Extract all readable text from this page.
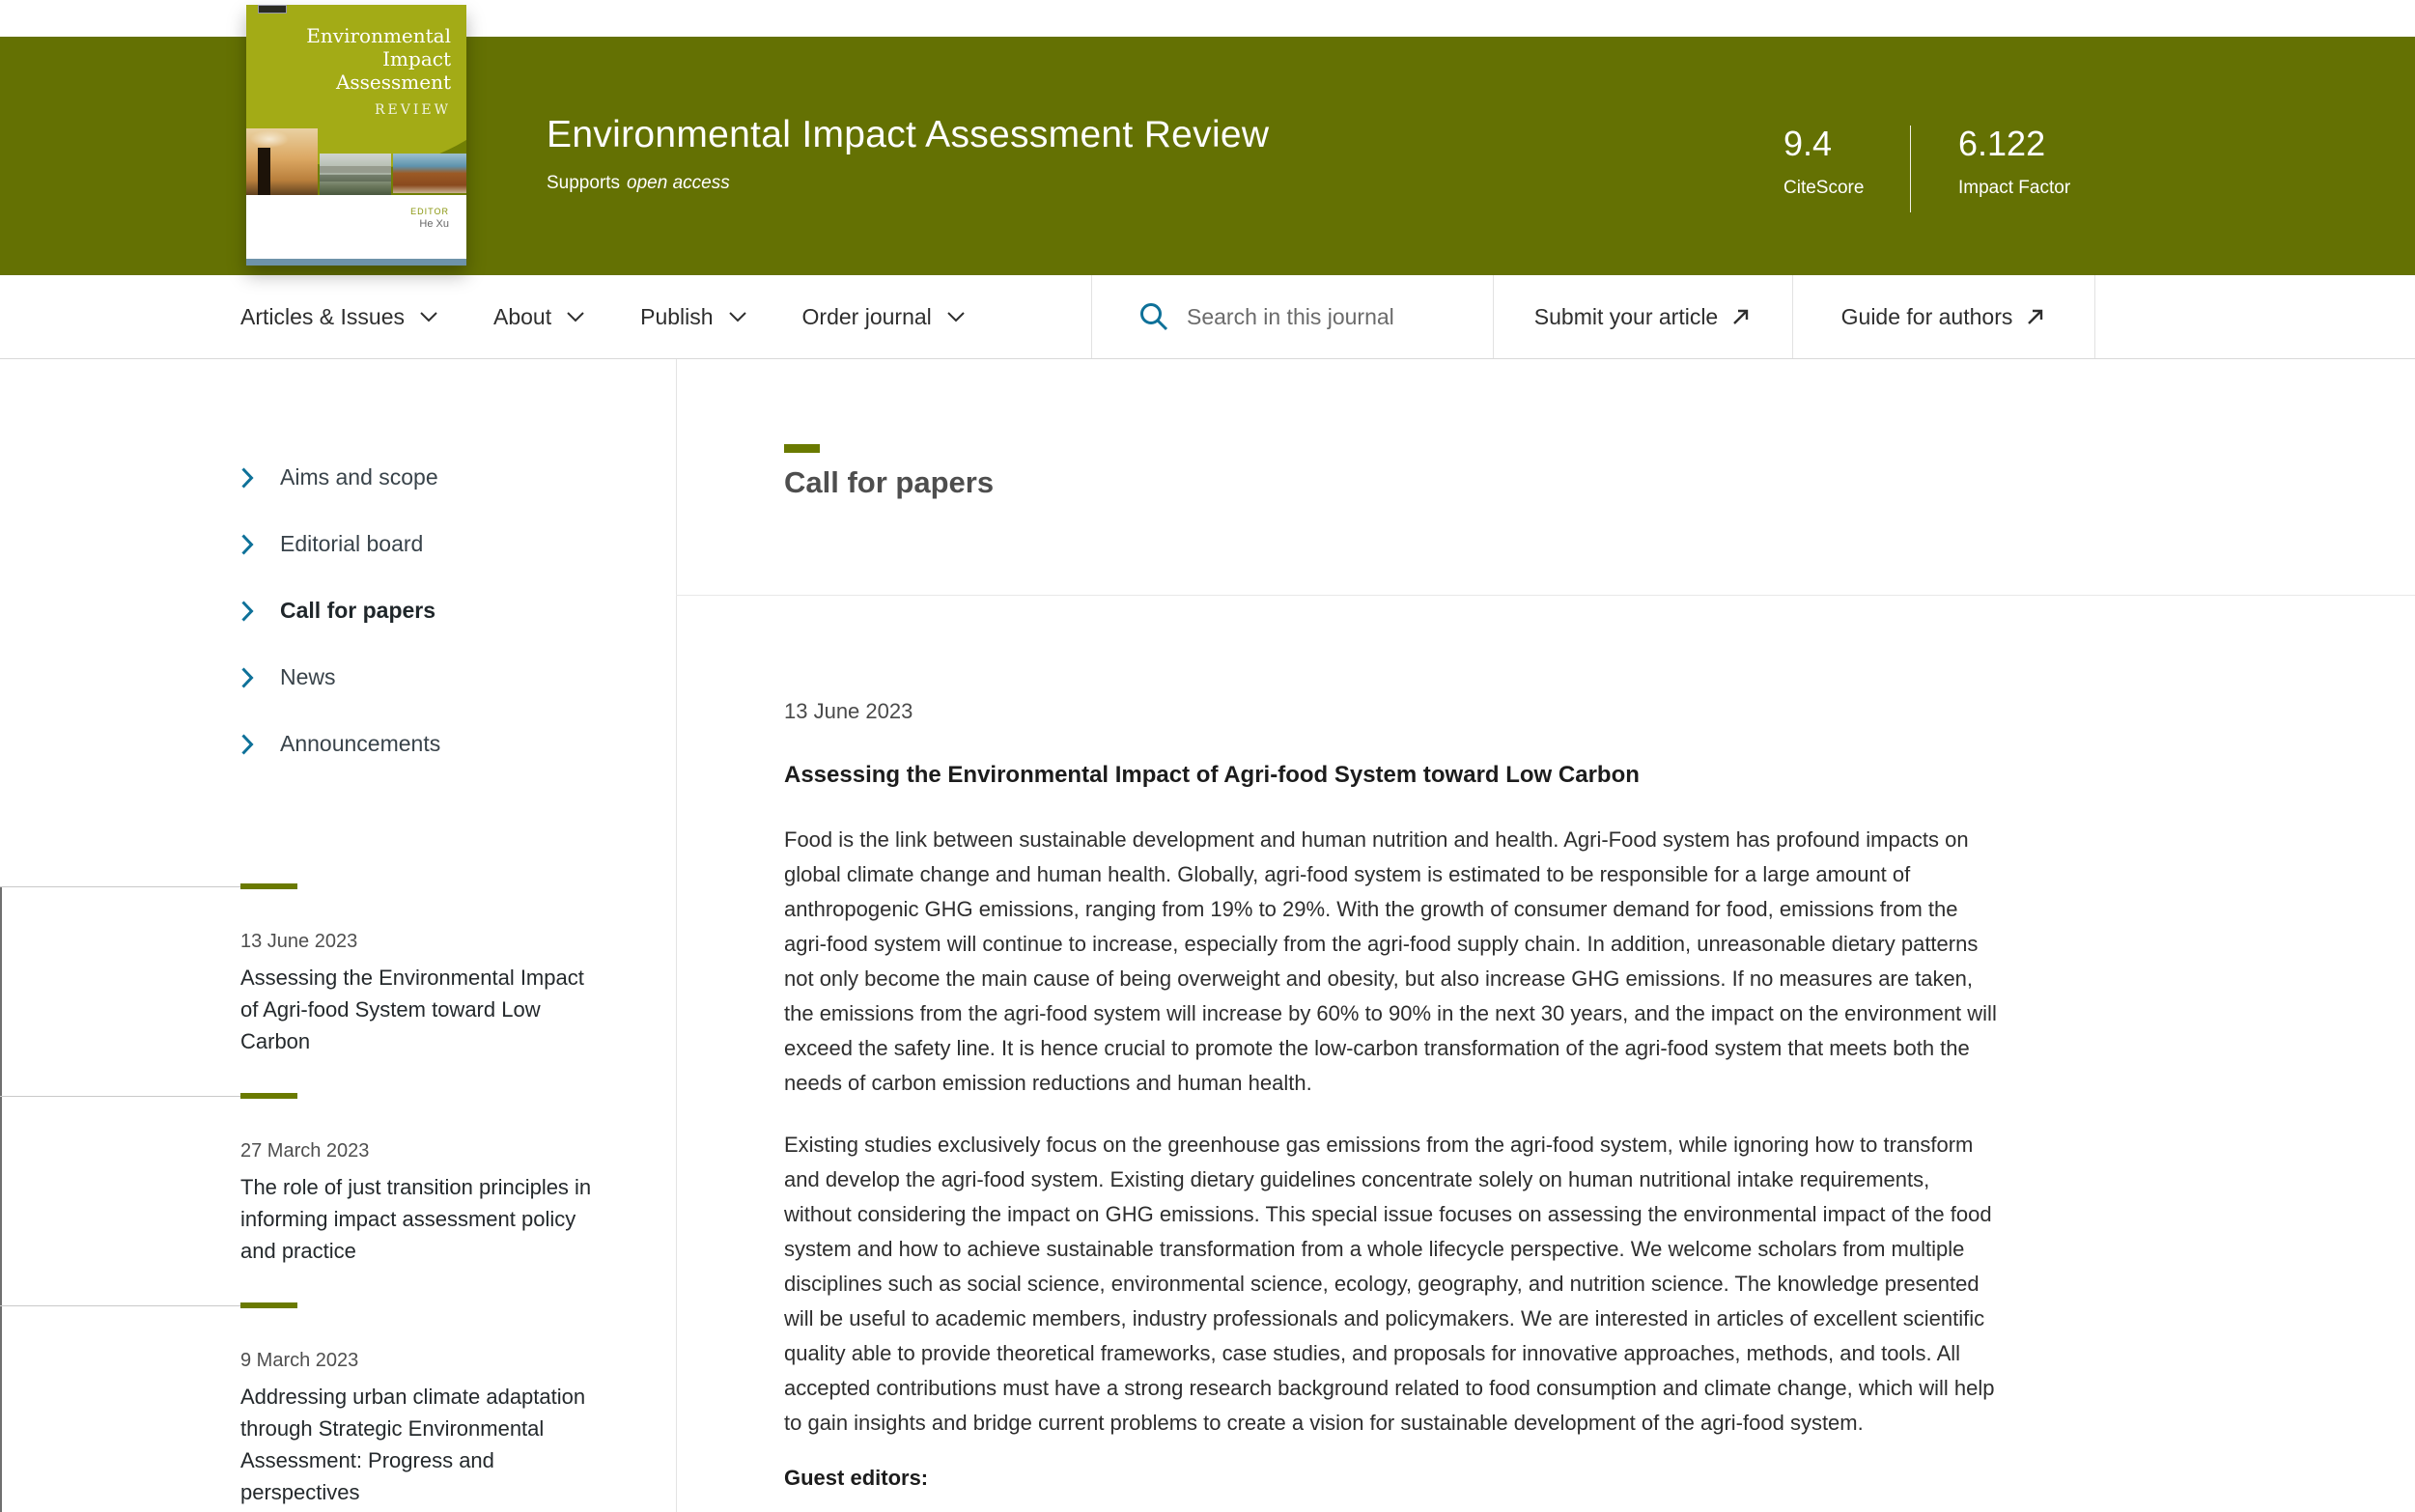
Environmental
Impact
Assessment
REVIEW
EDITOR
He Xu
Environmental Impact Assessment Review
Supports open access
9.4
CiteScore
6.122
Impact Factor
Articles & Issues	About	Publish	Order journal	Search in this journal	Submit your article	Guide for authors
Aims and scope
Editorial board
Call for papers
News
Announcements
13 June 2023
Assessing the Environmental Impact of Agri-food System toward Low Carbon
27 March 2023
The role of just transition principles in informing impact assessment policy and practice
9 March 2023
Addressing urban climate adaptation through Strategic Environmental Assessment: Progress and perspectives
Call for papers
13 June 2023
Assessing the Environmental Impact of Agri-food System toward Low Carbon
Food is the link between sustainable development and human nutrition and health. Agri-Food system has profound impacts on global climate change and human health. Globally, agri-food system is estimated to be responsible for a large amount of anthropogenic GHG emissions, ranging from 19% to 29%. With the growth of consumer demand for food, emissions from the agri-food system will continue to increase, especially from the agri-food supply chain. In addition, unreasonable dietary patterns not only become the main cause of being overweight and obesity, but also increase GHG emissions. If no measures are taken, the emissions from the agri-food system will increase by 60% to 90% in the next 30 years, and the impact on the environment will exceed the safety line. It is hence crucial to promote the low-carbon transformation of the agri-food system that meets both the needs of carbon emission reductions and human health.
Existing studies exclusively focus on the greenhouse gas emissions from the agri-food system, while ignoring how to transform and develop the agri-food system. Existing dietary guidelines concentrate solely on human nutritional intake requirements, without considering the impact on GHG emissions. This special issue focuses on assessing the environmental impact of the food system and how to achieve sustainable transformation from a whole lifecycle perspective. We welcome scholars from multiple disciplines such as social science, environmental science, ecology, geography, and nutrition science. The knowledge presented will be useful to academic members, industry professionals and policymakers. We are interested in articles of excellent scientific quality able to provide theoretical frameworks, case studies, and proposals for innovative approaches, methods, and tools. All accepted contributions must have a strong research background related to food consumption and climate change, which will help to gain insights and bridge current problems to create a vision for sustainable development of the agri-food system.
Guest editors:
